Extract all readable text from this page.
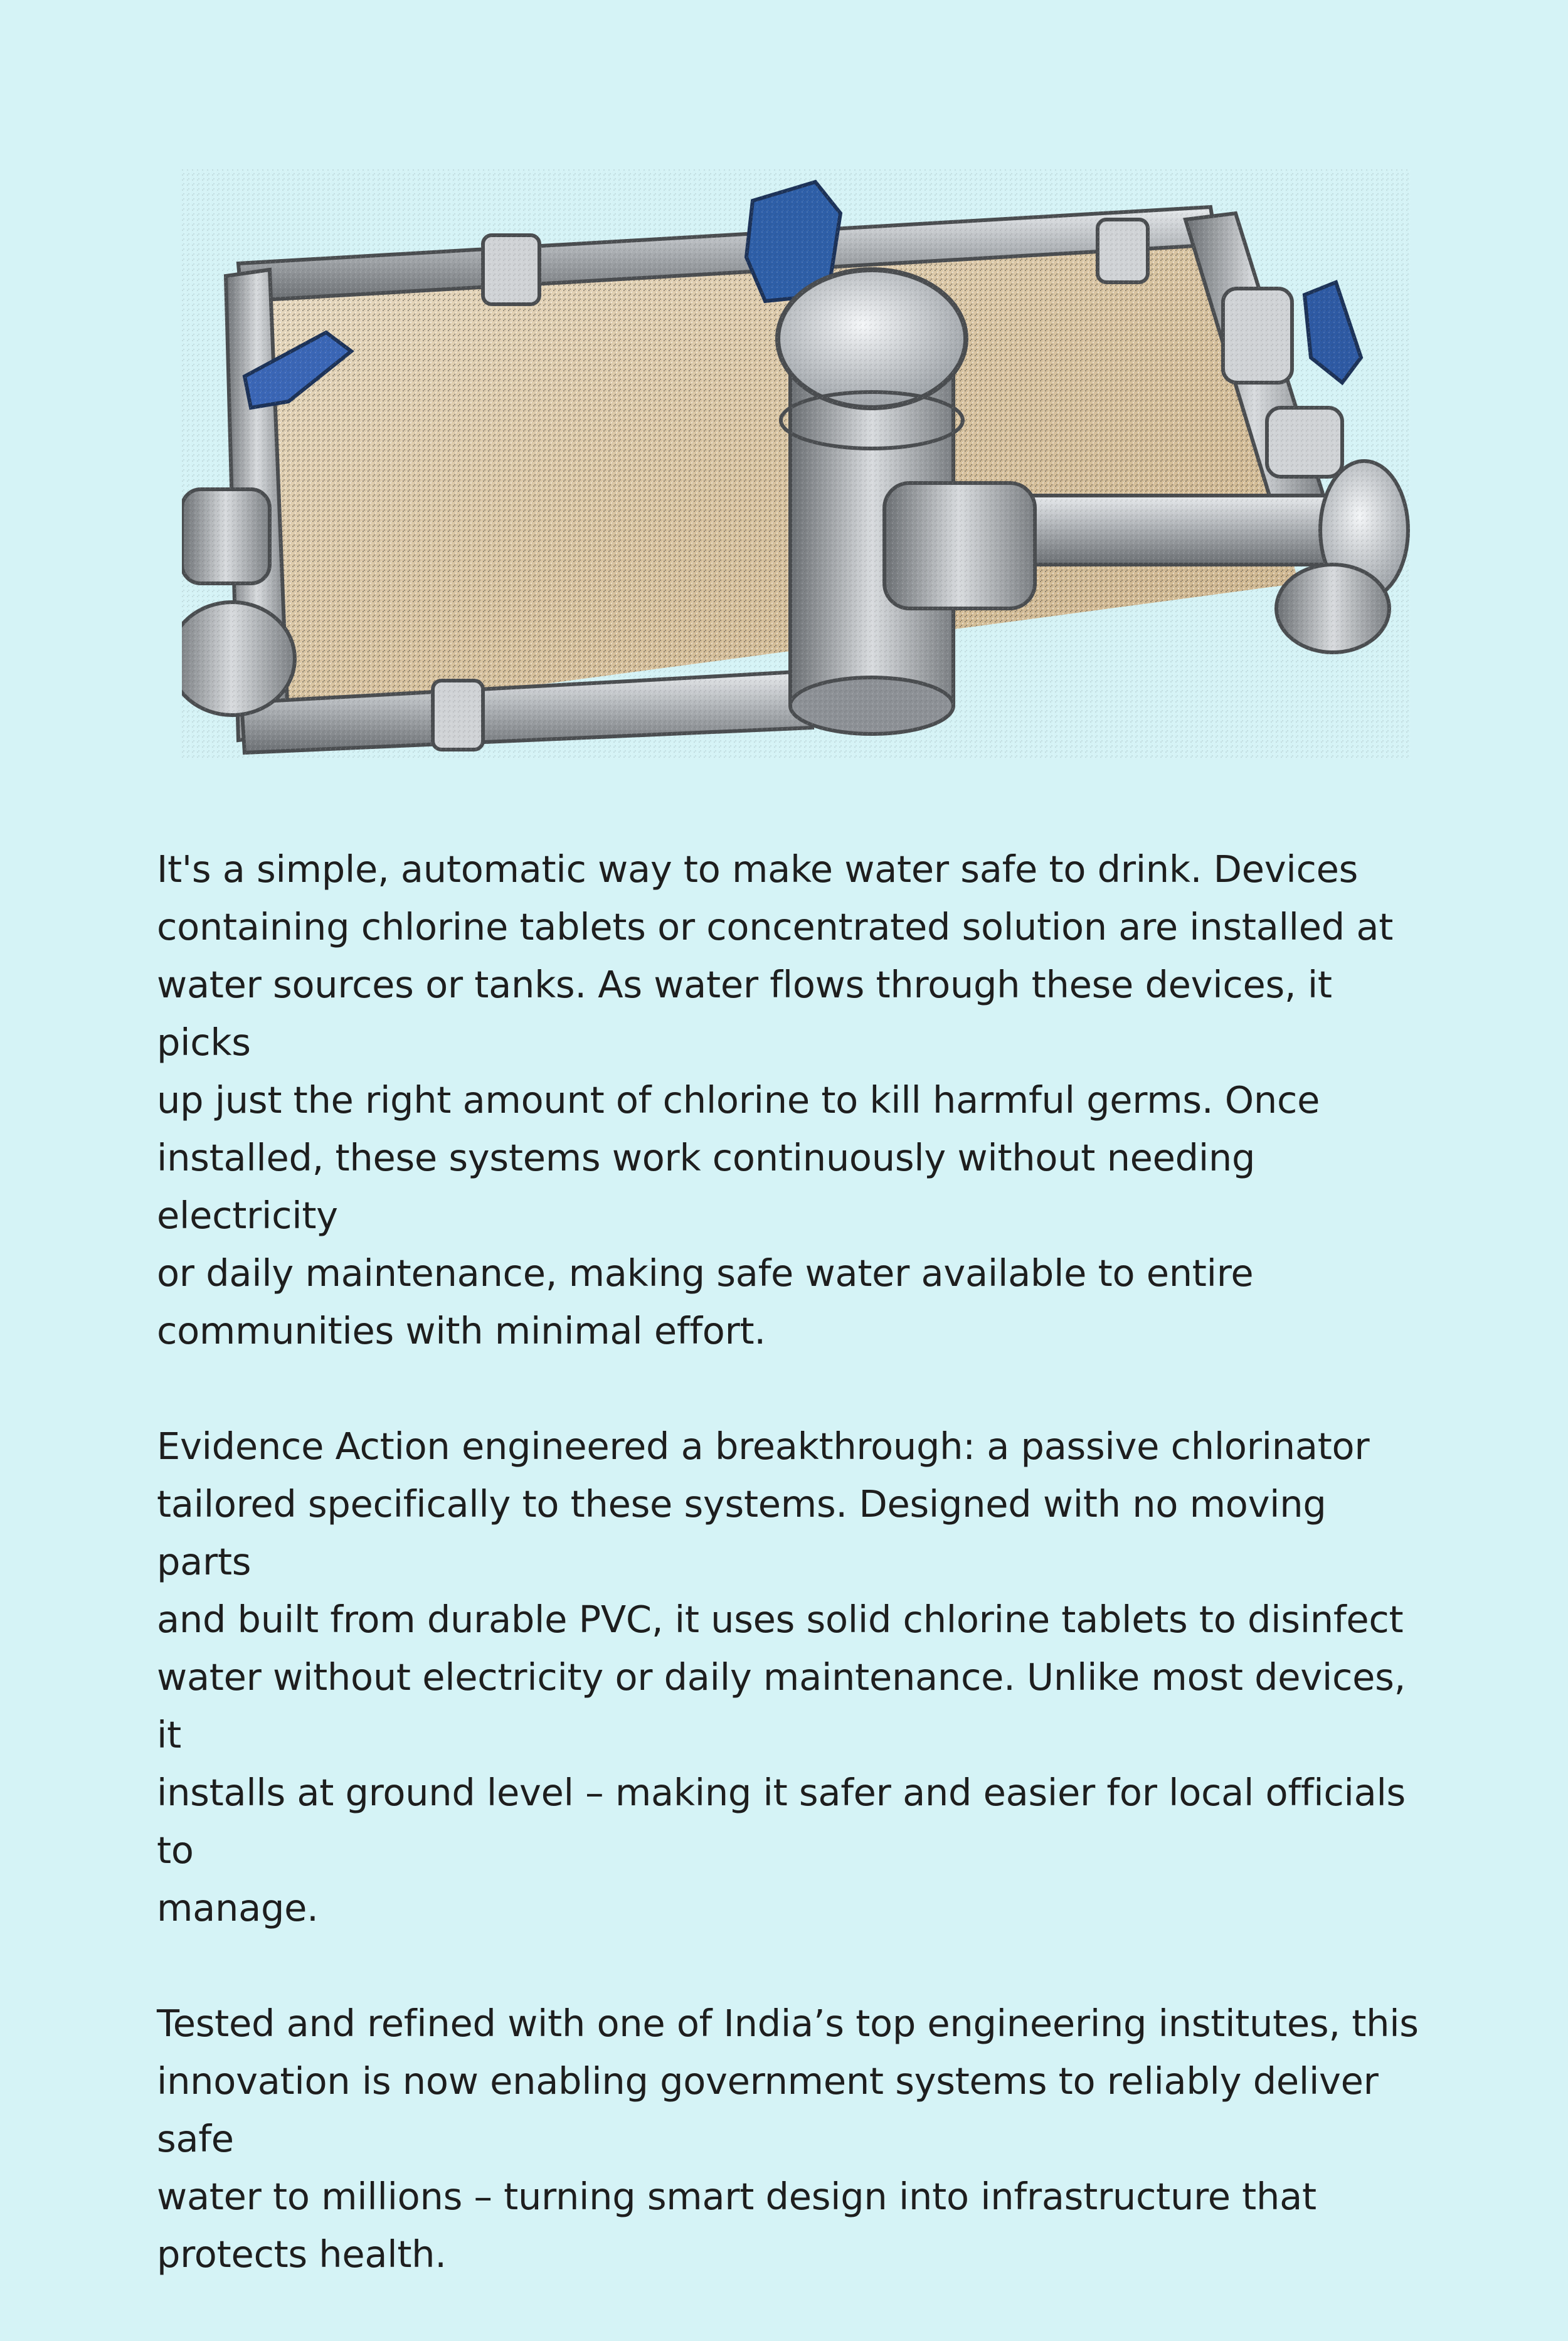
It's a simple, automatic way to make water safe to drink. Devices
containing chlorine tablets or concentrated solution are installed at
water sources or tanks. As water flows through these devices, it picks
up just the right amount of chlorine to kill harmful germs. Once
installed, these systems work continuously without needing electricity
or daily maintenance, making safe water available to entire
communities with minimal effort.

Evidence Action engineered a breakthrough: a passive chlorinator
tailored specifically to these systems. Designed with no moving parts
and built from durable PVC, it uses solid chlorine tablets to disinfect
water without electricity or daily maintenance. Unlike most devices, it
installs at ground level – making it safer and easier for local officials to
manage.

Tested and refined with one of India’s top engineering institutes, this
innovation is now enabling government systems to reliably deliver safe
water to millions – turning smart design into infrastructure that
protects health.
